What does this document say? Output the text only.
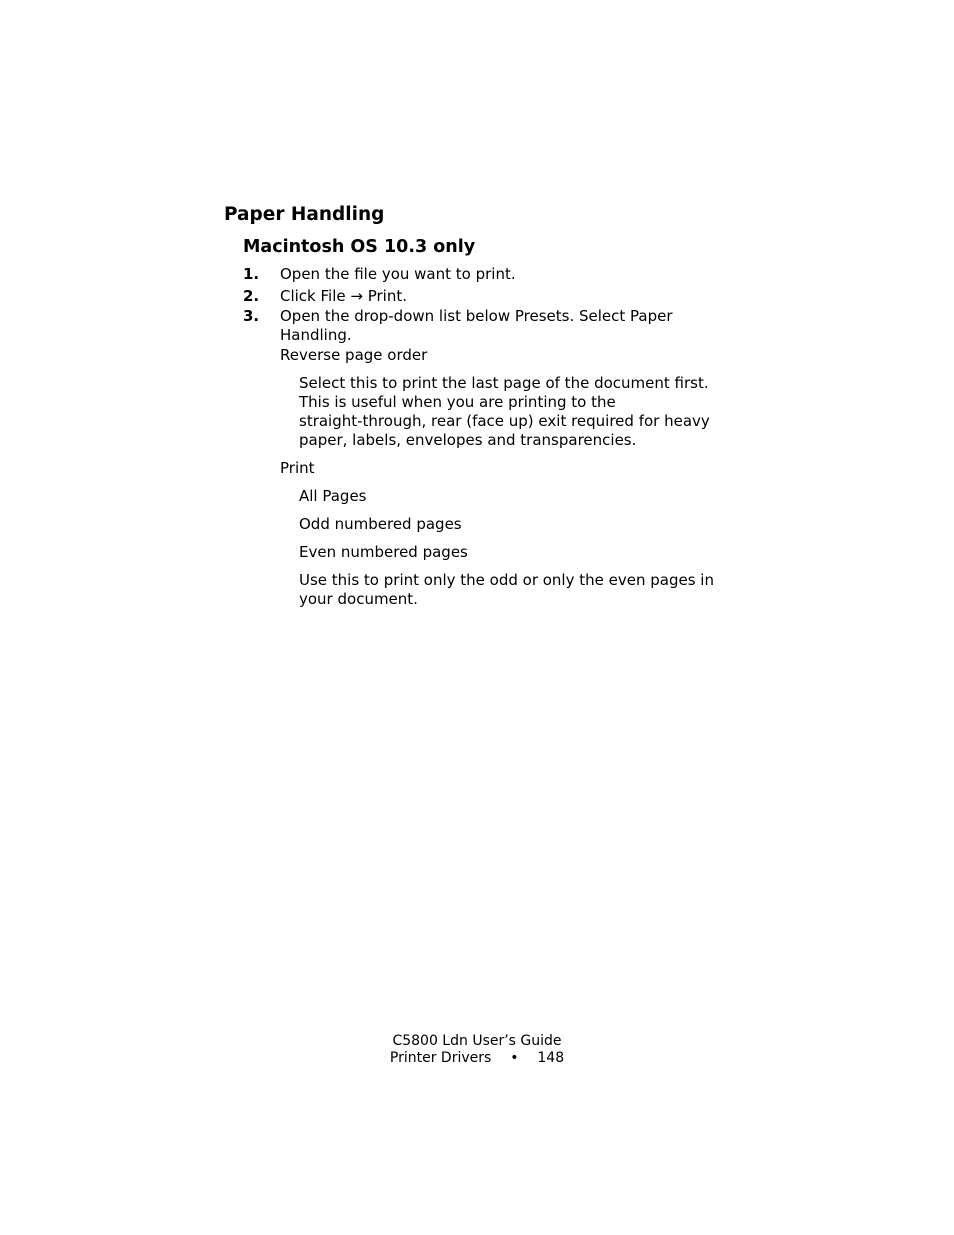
Paper Handling
Macintosh OS 10.3 only
1. Open the file you want to print.
2. Click File → Print.
3. Open the drop-down list below Presets. Select Paper
Handling.
Reverse page order
Select this to print the last page of the document first.
This is useful when you are printing to the
straight-through, rear (face up) exit required for heavy
paper, labels, envelopes and transparencies.
Print
All Pages
Odd numbered pages
Even numbered pages
Use this to print only the odd or only the even pages in
your document.
C5800 Ldn User’s Guide
Printer Drivers • 148
